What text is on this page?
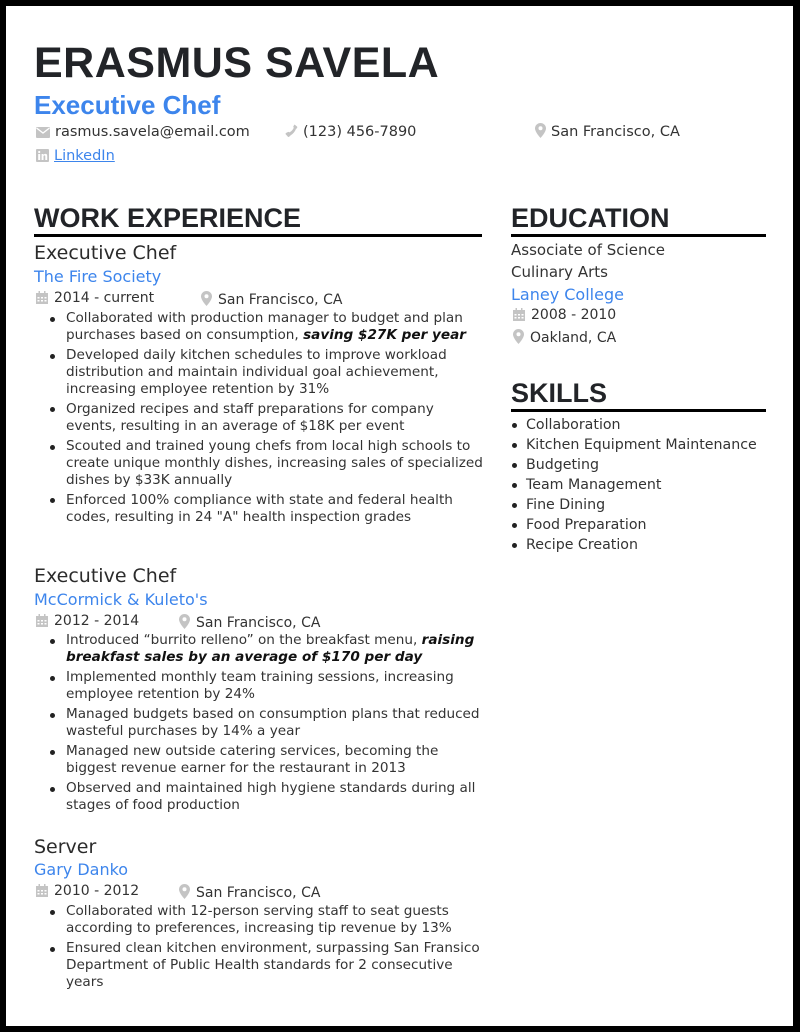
ERASMUS SAVELA
Executive Chef
rasmus.savela@email.com	(123) 456-7890	San Francisco, CA
LinkedIn
WORK EXPERIENCE
Executive Chef
The Fire Society
2014 - current	San Francisco, CA
Collaborated with production manager to budget and plan purchases based on consumption, saving $27K per year
Developed daily kitchen schedules to improve workload distribution and maintain individual goal achievement, increasing employee retention by 31%
Organized recipes and staff preparations for company events, resulting in an average of $18K per event
Scouted and trained young chefs from local high schools to create unique monthly dishes, increasing sales of specialized dishes by $33K annually
Enforced 100% compliance with state and federal health codes, resulting in 24 "A" health inspection grades
Executive Chef
McCormick & Kuleto's
2012 - 2014	San Francisco, CA
Introduced “burrito relleno” on the breakfast menu, raising breakfast sales by an average of $170 per day
Implemented monthly team training sessions, increasing employee retention by 24%
Managed budgets based on consumption plans that reduced wasteful purchases by 14% a year
Managed new outside catering services, becoming the biggest revenue earner for the restaurant in 2013
Observed and maintained high hygiene standards during all stages of food production
Server
Gary Danko
2010 - 2012	San Francisco, CA
Collaborated with 12-person serving staff to seat guests according to preferences, increasing tip revenue by 13%
Ensured clean kitchen environment, surpassing San Fransico Department of Public Health standards for 2 consecutive years
EDUCATION
Associate of Science
Culinary Arts
Laney College
2008 - 2010
Oakland, CA
SKILLS
Collaboration
Kitchen Equipment Maintenance
Budgeting
Team Management
Fine Dining
Food Preparation
Recipe Creation
